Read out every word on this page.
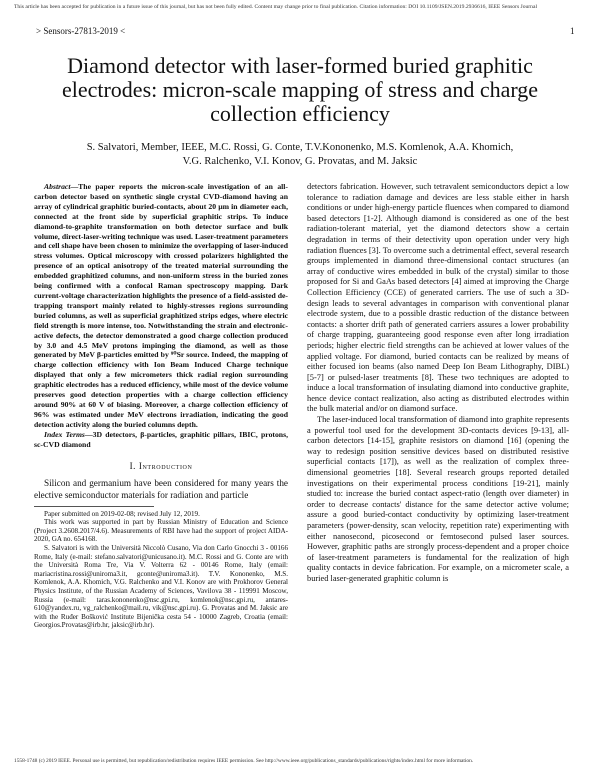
This article has been accepted for publication in a future issue of this journal, but has not been fully edited. Content may change prior to final publication. Citation information: DOI 10.1109/JSEN.2019.2936616, IEEE Sensors Journal
> Sensors-27813-2019 <	1
Diamond detector with laser-formed buried graphitic electrodes: micron-scale mapping of stress and charge collection efficiency
S. Salvatori, Member, IEEE, M.C. Rossi, G. Conte, T.V.Kononenko, M.S. Komlenok, A.A. Khomich, V.G. Ralchenko, V.I. Konov, G. Provatas, and M. Jaksic

Abstract—The paper reports the micron-scale investigation of an all-carbon detector based on synthetic single crystal CVD-diamond having an array of cylindrical graphitic buried-contacts, about 20 µm in diameter each, connected at the front side by superficial graphitic strips. To induce diamond-to-graphite transformation on both detector surface and bulk volume, direct-laser-writing technique was used. Laser-treatment parameters and cell shape have been chosen to minimize the overlapping of laser-induced stress volumes. Optical microscopy with crossed polarizers highlighted the presence of an optical anisotropy of the treated material surrounding the embedded graphitized columns, and non-uniform stress in the buried zones being confirmed with a confocal Raman spectroscopy mapping. Dark current-voltage characterization highlights the presence of a field-assisted de-trapping transport mainly related to highly-stresses regions surrounding buried columns, as well as superficial graphitized strips edges, where electric field strength is more intense, too. Notwithstanding the strain and electronic-active defects, the detector demonstrated a good charge collection produced by 3.0 and 4.5 MeV protons impinging the diamond, as well as those generated by MeV β-particles emitted by ⁹⁰Sr source. Indeed, the mapping of charge collection efficiency with Ion Beam Induced Charge technique displayed that only a few micrometers thick radial region surrounding graphitic electrodes has a reduced efficiency, while most of the device volume preserves good detection properties with a charge collection efficiency around 90% at 60 V of biasing. Moreover, a charge collection efficiency of 96% was estimated under MeV electrons irradiation, indicating the good detection activity along the buried columns depth.

Index Terms—3D detectors, β-particles, graphitic pillars, IBIC, protons, sc-CVD diamond

I. Introduction

Silicon and germanium have been considered for many years the elective semiconductor materials for radiation and particle

Paper submitted on 2019-02-08; revised July 12, 2019.

This work was supported in part by Russian Ministry of Education and Science (Project 3.2608.2017/4.6). Measurements of RBI have had the support of project AIDA-2020, GA no. 654168.

S. Salvatori is with the Università Niccolò Cusano, Via don Carlo Gnocchi 3 - 00166 Rome, Italy (e-mail: stefano.salvatori@unicusano.it). M.C. Rossi and G. Conte are with the Università Roma Tre, Via V. Volterra 62 - 00146 Rome, Italy (email: mariacristina.rossi@uniroma3.it, gconte@uniroma3.it). T.V. Kononenko, M.S. Komlenok, A.A. Khomich, V.G. Ralchenko and V.I. Konov are with Prokhorov General Physics Institute, of the Russian Academy of Sciences, Vavilova 38 - 119991 Moscow, Russia (e-mail: taras.kononenko@nsc.gpi.ru, komlenok@nsc.gpi.ru, antares-610@yandex.ru, vg_ralchenko@mail.ru, vik@nsc.gpi.ru). G. Provatas and M. Jaksic are with the Ruđer Bošković Institute Bijenička cesta 54 - 10000 Zagreb, Croatia (email: Georgios.Provatas@irb.hr, jaksic@irb.hr).

detectors fabrication. However, such tetravalent semiconductors depict a low tolerance to radiation damage and devices are less stable either in harsh conditions or under high-energy particle fluences when compared to diamond based detectors [1-2]. Although diamond is considered as one of the best radiation-tolerant material, yet the diamond detectors show a certain degradation in terms of their detectivity upon operation under very high radiation fluences [3]. To overcome such a detrimental effect, several research groups implemented in diamond three-dimensional contact structures (an array of conductive wires embedded in bulk of the crystal) similar to those proposed for Si and GaAs based detectors [4] aimed at improving the Charge Collection Efficiency (CCE) of generated carriers. The use of such a 3D-design leads to several advantages in comparison with conventional planar electrode system, due to a possible drastic reduction of the distance between contacts: a shorter drift path of generated carriers assures a lower probability of charge trapping, guaranteeing good response even after long irradiation periods; higher electric field strengths can be achieved at lower values of the applied voltage. For diamond, buried contacts can be realized by means of either focused ion beams (also named Deep Ion Beam Lithography, DIBL) [5-7] or pulsed-laser treatments [8]. These two techniques are adopted to induce a local transformation of insulating diamond into conductive graphite, hence device contact realization, also acting as distributed electrodes within the bulk material and/or on diamond surface.

The laser-induced local transformation of diamond into graphite represents a powerful tool used for the development 3D-contacts devices [9-13], all-carbon detectors [14-15], graphite resistors on diamond [16] (opening the way to redesign position sensitive devices based on distributed resistive superficial contacts [17]), as well as the realization of complex three-dimensional geometries [18]. Several research groups reported detailed investigations on their experimental process conditions [19-21], mainly studied to: increase the buried contact aspect-ratio (length over diameter) in order to decrease contacts' distance for the same detector active volume; assure a good buried-contact conductivity by optimizing laser-treatment parameters (power-density, scan velocity, repetition rate) experimenting with either nanosecond, picosecond or femtosecond pulsed laser sources. However, graphitic paths are strongly process-dependent and a proper choice of laser-treatment parameters is fundamental for the realization of high quality contacts in device fabrication. For example, on a micrometer scale, a buried laser-generated graphitic column is

1558-1748 (c) 2019 IEEE. Personal use is permitted, but republication/redistribution requires IEEE permission. See http://www.ieee.org/publications_standards/publications/rights/index.html for more information.
